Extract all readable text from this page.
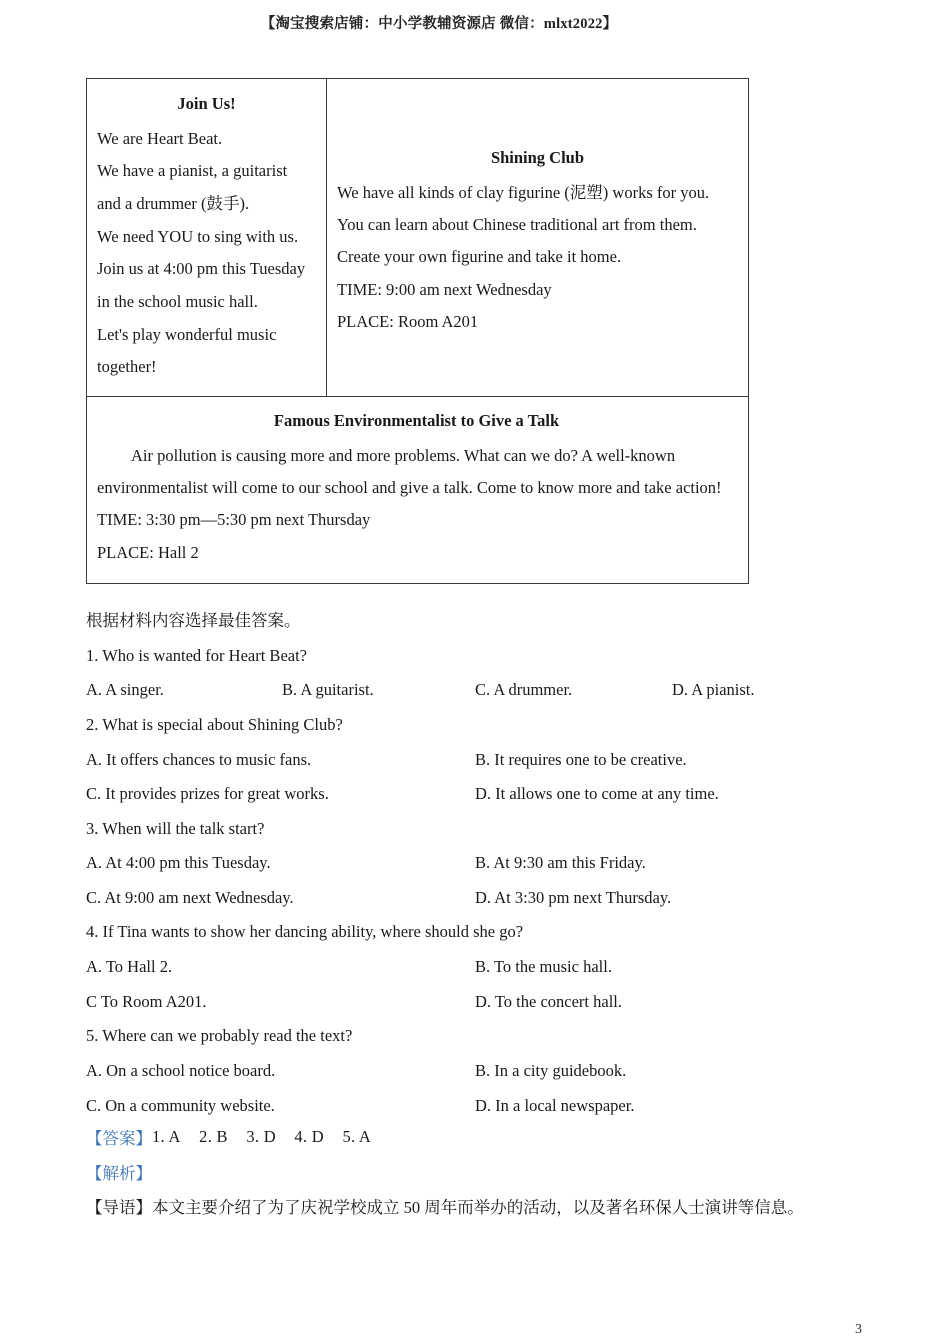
【淘宝搜索店铺：中小学教辅资源店 微信：mlxt2022】
Join Us!

We are Heart Beat.

We have a pianist, a guitarist

and a drummer (鼓手).

We need YOU to sing with us.

Join us at 4:00 pm this Tuesday

in the school music hall.

Let's play wonderful music

together!

Shining Club

We have all kinds of clay figurine (泥塑) works for you.

You can learn about Chinese traditional art from them.

Create your own figurine and take it home.

TIME: 9:00 am next Wednesday

PLACE: Room A201

Famous Environmentalist to Give a Talk

Air pollution is causing more and more problems. What can we do? A well-known

environmentalist will come to our school and give a talk. Come to know more and take action!

TIME: 3:30 pm—5:30 pm next Thursday

PLACE: Hall 2

根据材料内容选择最佳答案。
1. Who is wanted for Heart Beat?
A. A singer.	B. A guitarist.	C. A drummer.	D. A pianist.
2. What is special about Shining Club?
A. It offers chances to music fans.	B. It requires one to be creative.
C. It provides prizes for great works.	D. It allows one to come at any time.
3. When will the talk start?
A. At 4:00 pm this Tuesday.	B. At 9:30 am this Friday.
C. At 9:00 am next Wednesday.	D. At 3:30 pm next Thursday.
4. If Tina wants to show her dancing ability, where should she go?
A. To Hall 2.	B. To the music hall.
C To Room A201.	D. To the concert hall.
5. Where can we probably read the text?
A. On a school notice board.	B. In a city guidebook.
C. On a community website.	D. In a local newspaper.
【答案】 1. A 2. B 3. D 4. D 5. A
【解析】
【导语】 本文主要介绍了为了庆祝学校成立 50 周年而举办的活动，以及著名环保人士演讲等信息。
3
